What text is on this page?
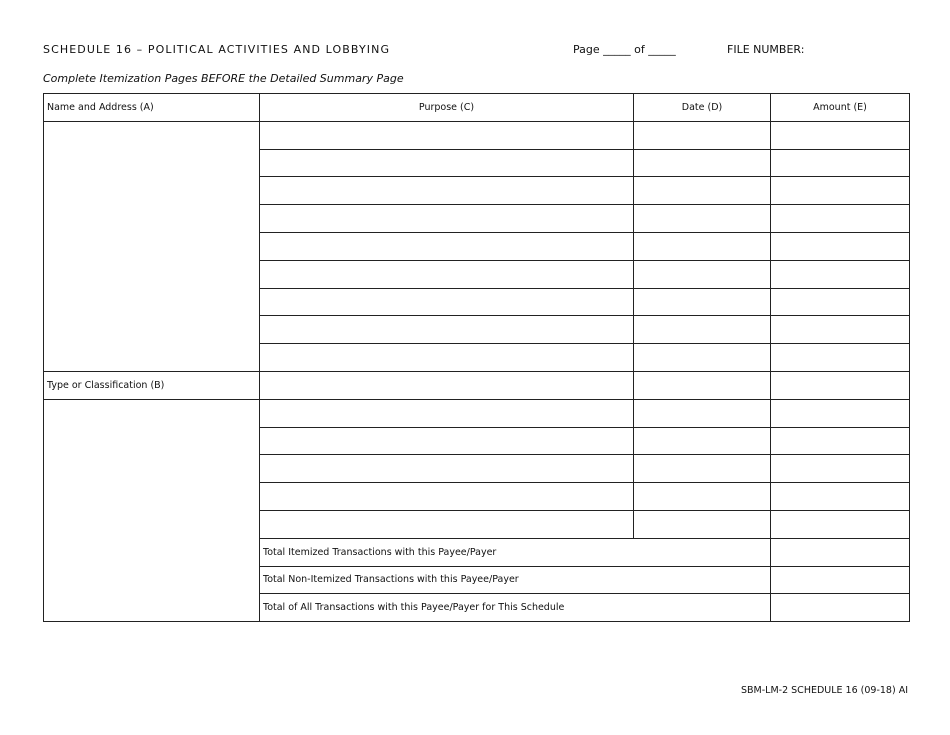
SCHEDULE 16 – POLITICAL ACTIVITIES AND LOBBYING	Page _____ of _____	FILE NUMBER:
Complete Itemization Pages BEFORE the Detailed Summary Page
Name and Address (A)	Purpose (C)	Date (D)	Amount (E)

Type or Classification (B)			

	Total Itemized Transactions with this Payee/Payer		
	Total Non-Itemized Transactions with this Payee/Payer		
	Total of All Transactions with this Payee/Payer for This Schedule		
SBM-LM-2 SCHEDULE 16 (09-18) AI
